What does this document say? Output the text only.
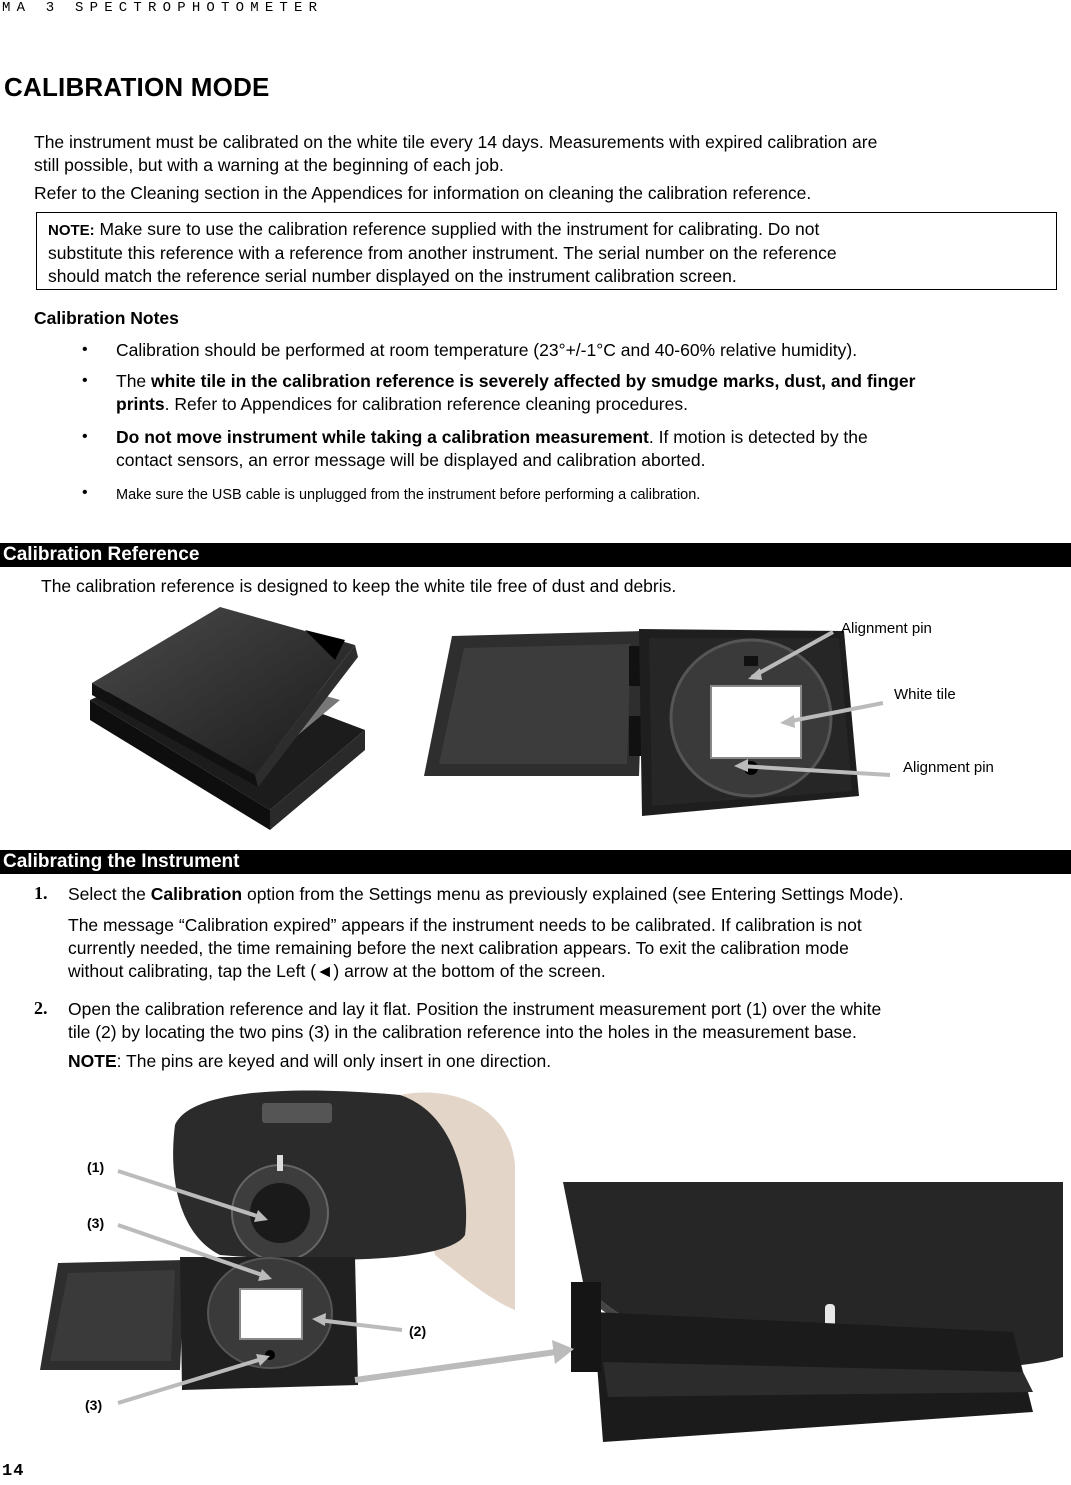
MA 3 SPECTROPHOTOMETER
CALIBRATION MODE
The instrument must be calibrated on the white tile every 14 days. Measurements with expired calibration are
still possible, but with a warning at the beginning of each job.
Refer to the Cleaning section in the Appendices for information on cleaning the calibration reference.
NOTE: Make sure to use the calibration reference supplied with the instrument for calibrating. Do not
substitute this reference with a reference from another instrument. The serial number on the reference
should match the reference serial number displayed on the instrument calibration screen.
Calibration Notes
• Calibration should be performed at room temperature (23°+/-1°C and 40-60% relative humidity).
• The white tile in the calibration reference is severely affected by smudge marks, dust, and finger
prints. Refer to Appendices for calibration reference cleaning procedures.
• Do not move instrument while taking a calibration measurement. If motion is detected by the
contact sensors, an error message will be displayed and calibration aborted.
• Make sure the USB cable is unplugged from the instrument before performing a calibration.
Calibration Reference
The calibration reference is designed to keep the white tile free of dust and debris.
Alignment pin
White tile
Alignment pin
Calibrating the Instrument
1. Select the Calibration option from the Settings menu as previously explained (see Entering Settings Mode).
The message “Calibration expired” appears if the instrument needs to be calibrated. If calibration is not
currently needed, the time remaining before the next calibration appears. To exit the calibration mode
without calibrating, tap the Left (◄) arrow at the bottom of the screen.
2. Open the calibration reference and lay it flat. Position the instrument measurement port (1) over the white
tile (2) by locating the two pins (3) in the calibration reference into the holes in the measurement base.
NOTE: The pins are keyed and will only insert in one direction.
(1)
(3)
(2)
(3)
14
